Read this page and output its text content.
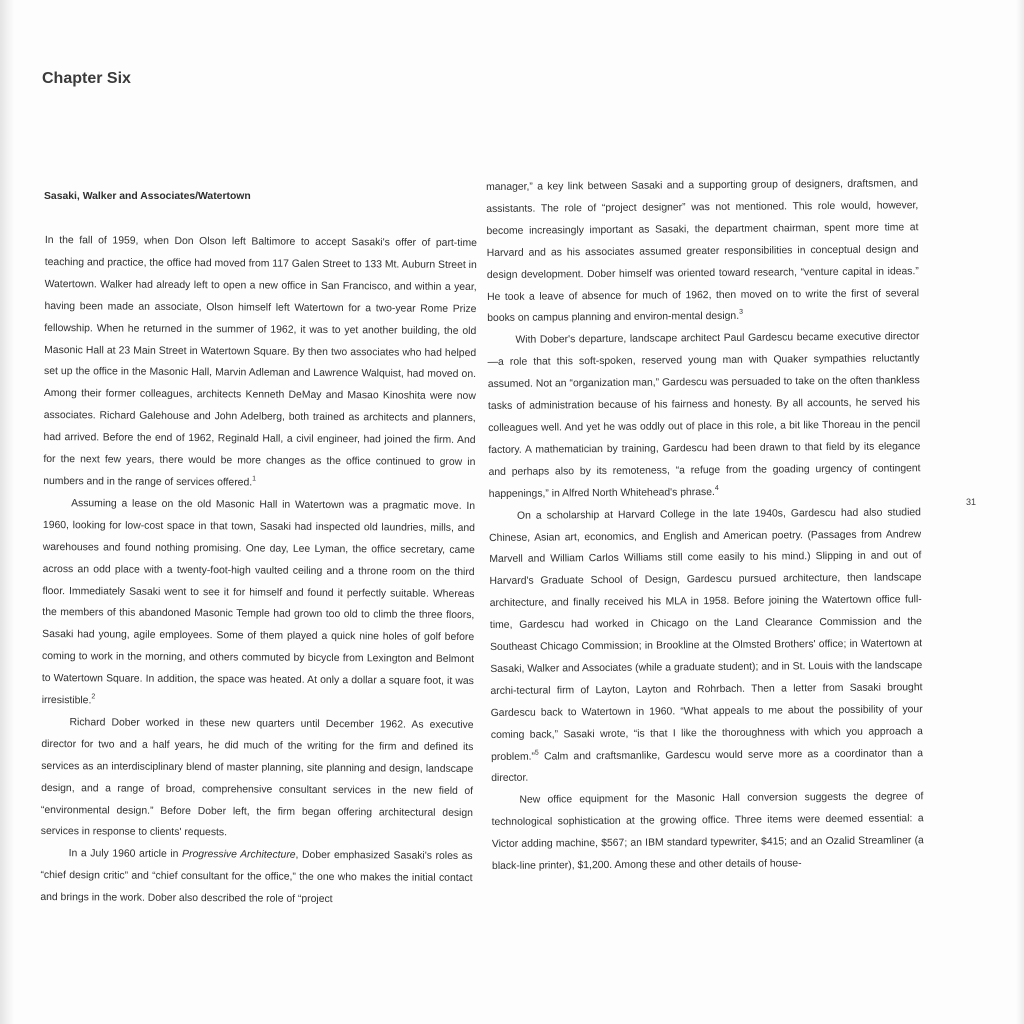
Chapter Six
Sasaki, Walker and Associates/Watertown

In the fall of 1959, when Don Olson left Baltimore to accept Sasaki's offer of part-time teaching and practice, the office had moved from 117 Galen Street to 133 Mt. Auburn Street in Watertown. Walker had already left to open a new office in San Francisco, and within a year, having been made an associate, Olson himself left Watertown for a two-year Rome Prize fellowship. When he returned in the summer of 1962, it was to yet another building, the old Masonic Hall at 23 Main Street in Watertown Square. By then two associates who had helped set up the office in the Masonic Hall, Marvin Adleman and Lawrence Walquist, had moved on. Among their former colleagues, architects Kenneth DeMay and Masao Kinoshita were now associates. Richard Galehouse and John Adelberg, both trained as architects and planners, had arrived. Before the end of 1962, Reginald Hall, a civil engineer, had joined the firm. And for the next few years, there would be more changes as the office continued to grow in numbers and in the range of services offered.$^1$

Assuming a lease on the old Masonic Hall in Watertown was a pragmatic move. In 1960, looking for low-cost space in that town, Sasaki had inspected old laundries, mills, and warehouses and found nothing promising. One day, Lee Lyman, the office secretary, came across an odd place with a twenty-foot-high vaulted ceiling and a throne room on the third floor. Immediately Sasaki went to see it for himself and found it perfectly suitable. Whereas the members of this abandoned Masonic Temple had grown too old to climb the three floors, Sasaki had young, agile employees. Some of them played a quick nine holes of golf before coming to work in the morning, and others commuted by bicycle from Lexington and Belmont to Watertown Square. In addition, the space was heated. At only a dollar a square foot, it was irresistible.$^2$

Richard Dober worked in these new quarters until December 1962. As executive director for two and a half years, he did much of the writing for the firm and defined its services as an interdisciplinary blend of master planning, site planning and design, landscape design, and a range of broad, comprehensive consultant services in the new field of “environmental design.” Before Dober left, the firm began offering architectural design services in response to clients' requests.

In a July 1960 article in Progressive Architecture, Dober emphasized Sasaki's roles as “chief design critic” and “chief consultant for the office,” the one who makes the initial contact and brings in the work. Dober also described the role of “project

manager,” a key link between Sasaki and a supporting group of designers, draftsmen, and assistants. The role of “project designer” was not mentioned. This role would, however, become increasingly important as Sasaki, the department chairman, spent more time at Harvard and as his associates assumed greater responsibilities in conceptual design and design development. Dober himself was oriented toward research, “venture capital in ideas.” He took a leave of absence for much of 1962, then moved on to write the first of several books on campus planning and environ-mental design.$^3$

With Dober's departure, landscape architect Paul Gardescu became executive director—a role that this soft-spoken, reserved young man with Quaker sympathies reluctantly assumed. Not an “organization man,” Gardescu was persuaded to take on the often thankless tasks of administration because of his fairness and honesty. By all accounts, he served his colleagues well. And yet he was oddly out of place in this role, a bit like Thoreau in the pencil factory. A mathematician by training, Gardescu had been drawn to that field by its elegance and perhaps also by its remoteness, “a refuge from the goading urgency of contingent happenings,” in Alfred North Whitehead's phrase.$^4$

On a scholarship at Harvard College in the late 1940s, Gardescu had also studied Chinese, Asian art, economics, and English and American poetry. (Passages from Andrew Marvell and William Carlos Williams still come easily to his mind.) Slipping in and out of Harvard's Graduate School of Design, Gardescu pursued architecture, then landscape architecture, and finally received his MLA in 1958. Before joining the Watertown office full-time, Gardescu had worked in Chicago on the Land Clearance Commission and the Southeast Chicago Commission; in Brookline at the Olmsted Brothers' office; in Watertown at Sasaki, Walker and Associates (while a graduate student); and in St. Louis with the landscape archi-tectural firm of Layton, Layton and Rohrbach. Then a letter from Sasaki brought Gardescu back to Watertown in 1960. “What appeals to me about the possibility of your coming back,” Sasaki wrote, “is that I like the thoroughness with which you approach a problem.”$^5$ Calm and craftsmanlike, Gardescu would serve more as a coordinator than a director.

New office equipment for the Masonic Hall conversion suggests the degree of technological sophistication at the growing office. Three items were deemed essential: a Victor adding machine, $567; an IBM standard typewriter, $415; and an Ozalid Streamliner (a black-line printer), $1,200. Among these and other details of house-

31
